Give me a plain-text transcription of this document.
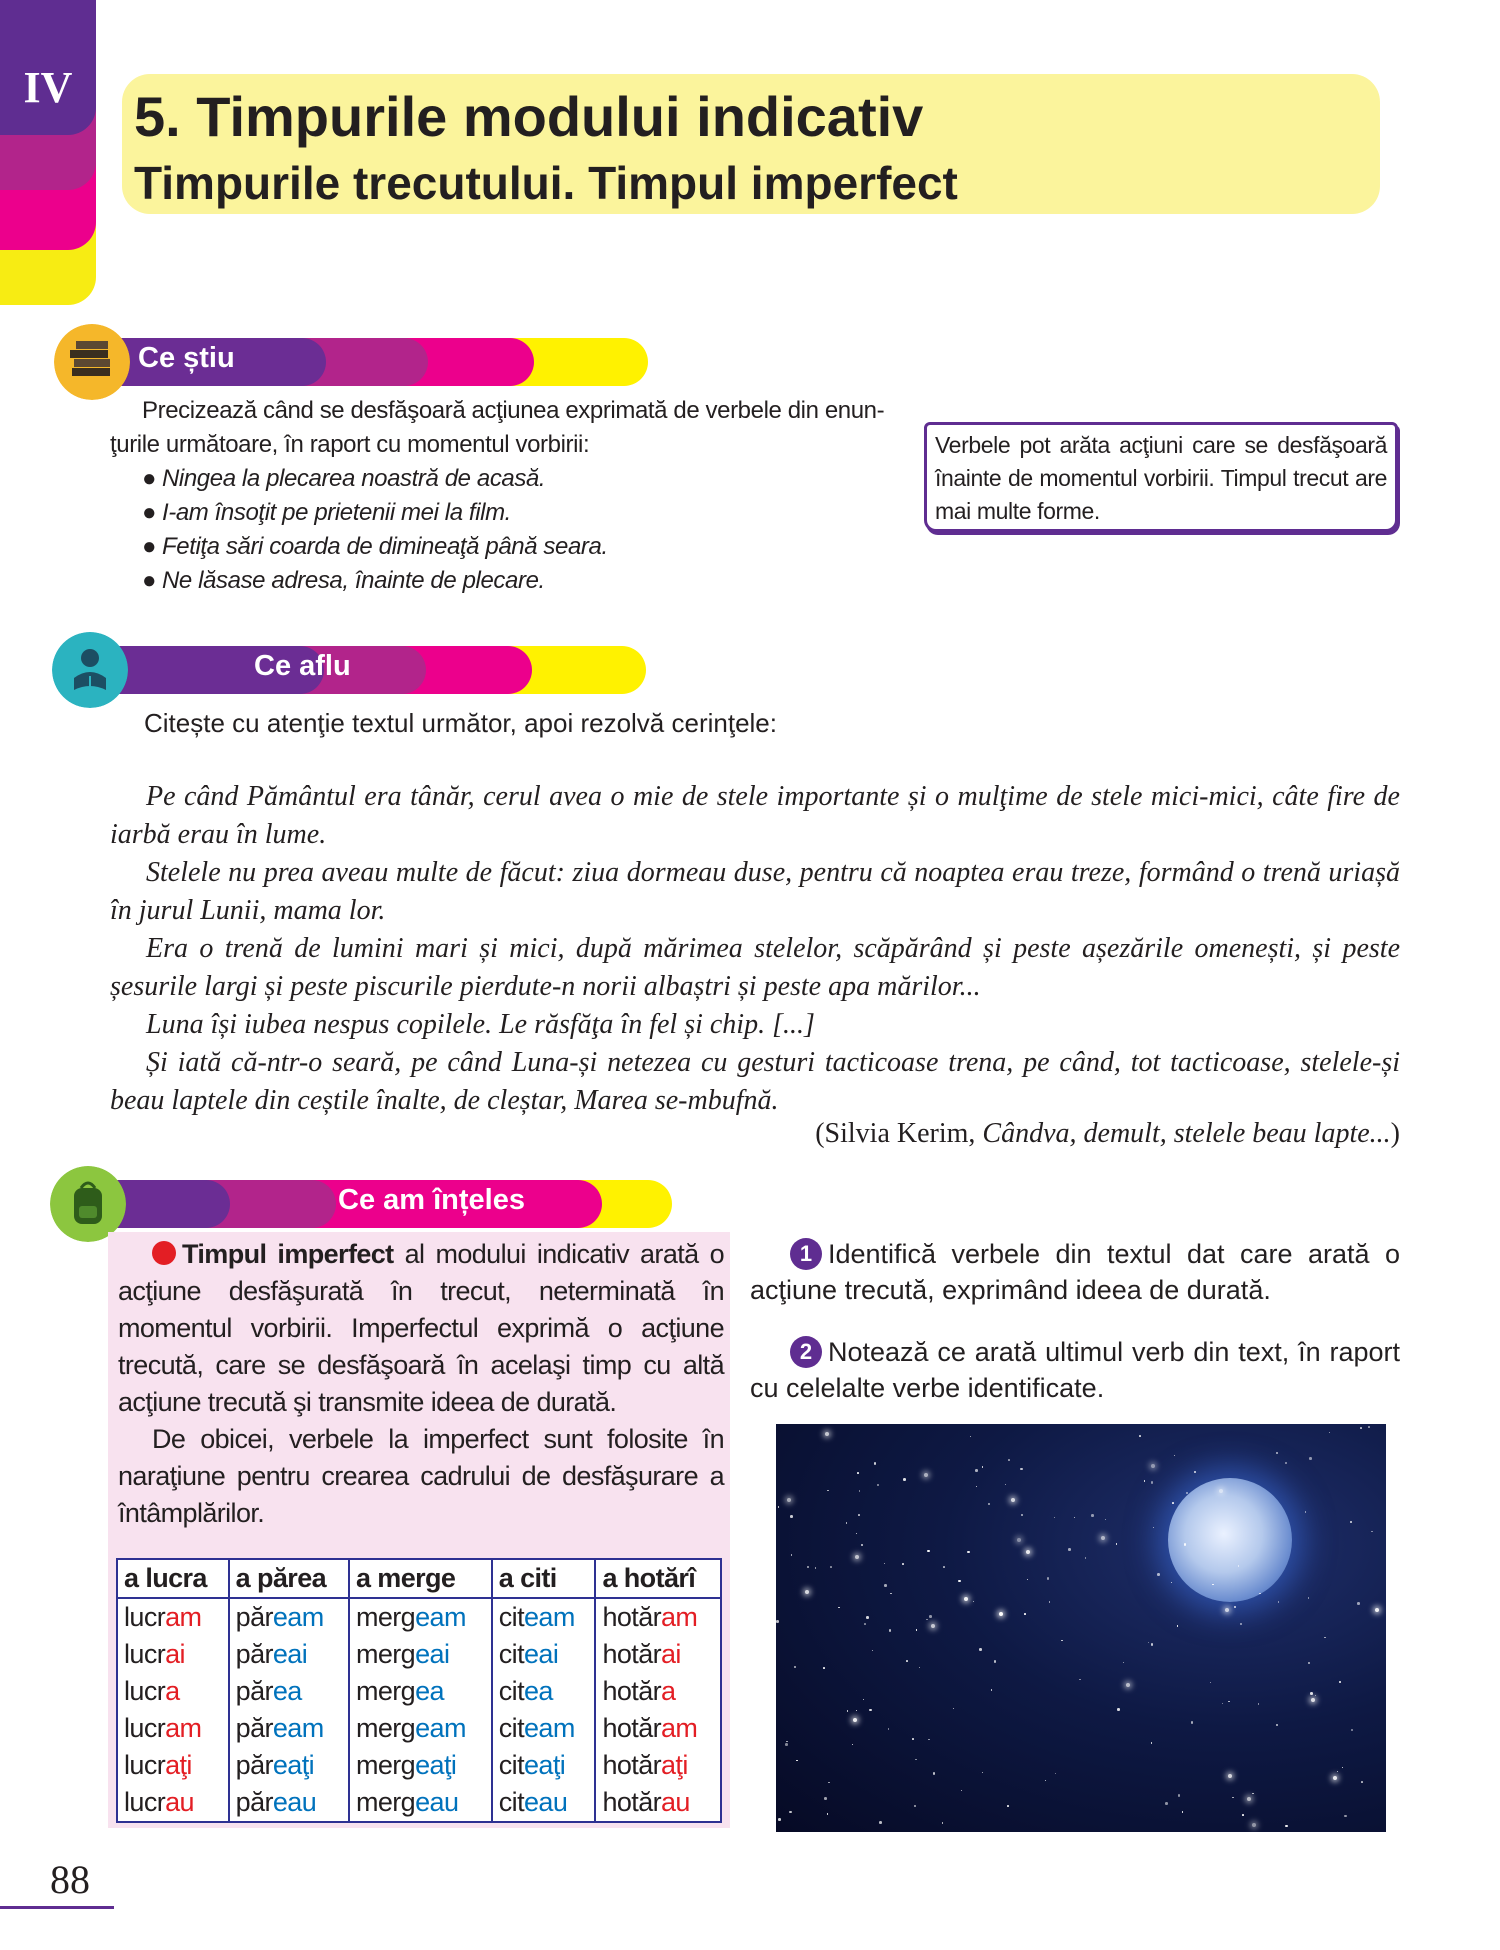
IV	5. Timpurile modului indicativ
Timpurile trecutului. Timpul imperfect
Ce știu
Precizează când se desfăşoară acţiunea exprimată de verbele din enun-
ţurile următoare, în raport cu momentul vorbirii:
● Ningea la plecarea noastră de acasă.
● I-am însoţit pe prietenii mei la film.
● Fetiţa sări coarda de dimineaţă până seara.
● Ne lăsase adresa, înainte de plecare.
Verbele pot arăta acţiuni care se desfăşoară înainte de momentul vorbirii. Timpul trecut are mai multe forme.
Ce aflu
Citește cu atenţie textul următor, apoi rezolvă cerinţele:

Pe când Pământul era tânăr, cerul avea o mie de stele importante și o mulţime de stele mici-mici, câte fire de iarbă erau în lume.

Stelele nu prea aveau multe de făcut: ziua dormeau duse, pentru că noaptea erau treze, formând o trenă uriașă în jurul Lunii, mama lor.

Era o trenă de lumini mari și mici, după mărimea stelelor, scăpărând și peste așezările omenești, și peste șesurile largi și peste piscurile pierdute-n norii albaștri și peste apa mărilor...

Luna își iubea nespus copilele. Le răsfăţa în fel și chip. [...]

Și iată că-ntr-o seară, pe când Luna-și netezea cu gesturi tacticoase trena, pe când, tot tacticoase, stelele-și beau laptele din ceștile înalte, de cleștar, Marea se-mbufnă.

(Silvia Kerim, Cândva, demult, stelele beau lapte...)
Ce am înțeles

Timpul imperfect al modului indicativ arată o acţiune desfăşurată în trecut, neterminată în momentul vorbirii. Imperfectul exprimă o acţiune trecută, care se desfăşoară în acelaşi timp cu altă acţiune trecută şi transmite ideea de durată.

De obicei, verbele la imperfect sunt folosite în naraţiune pentru crearea cadrului de desfăşurare a întâmplărilor.

a lucra	a părea	a merge	a citi	a hotărî
lucram	păream	mergeam	citeam	hotăram
lucrai	păreai	mergeai	citeai	hotărai
lucra	părea	mergea	citea	hotăra
lucram	păream	mergeam	citeam	hotăram
lucraţi	păreaţi	mergeaţi	citeaţi	hotăraţi
lucrau	păreau	mergeau	citeau	hotărau
1 Identifică verbele din textul dat care arată o acţiune trecută, exprimând ideea de durată.
2 Notează ce arată ultimul verb din text, în raport cu celelalte verbe identificate.
88
